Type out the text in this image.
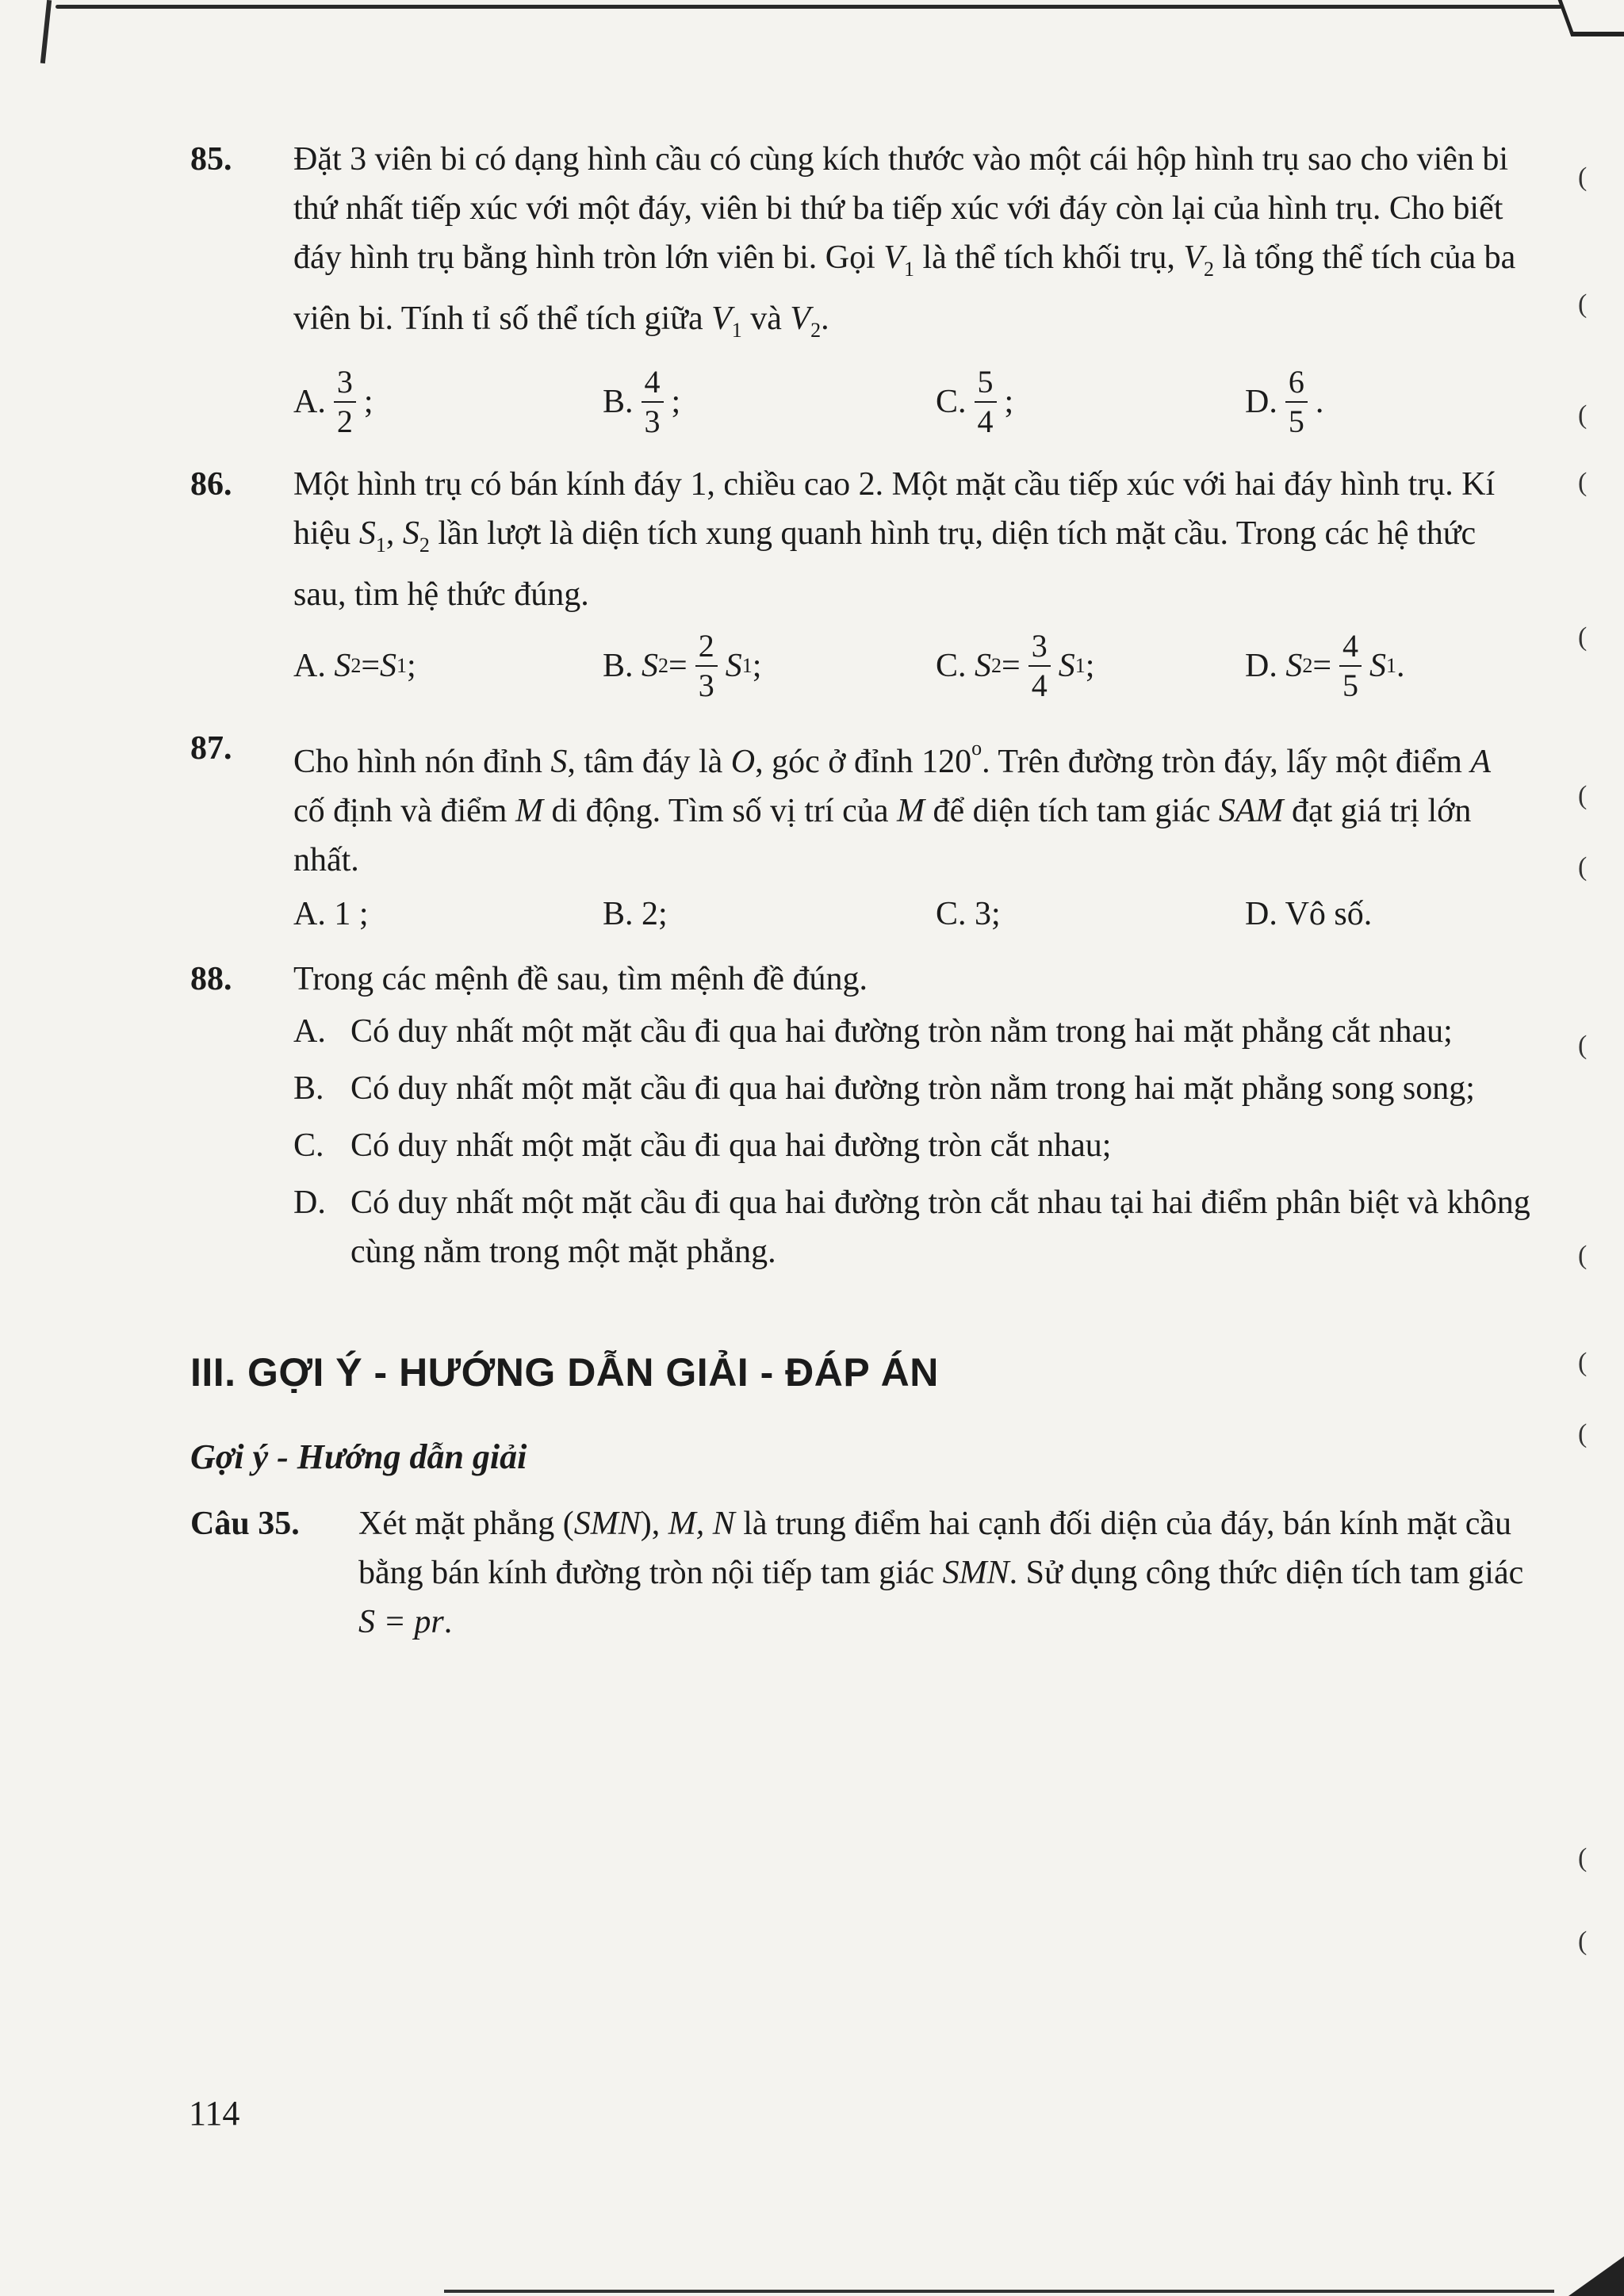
(
(
(
(
(
(
(
(
(
(
(
(
(
85. Đặt 3 viên bi có dạng hình cầu có cùng kích thước vào một cái hộp hình trụ sao cho viên bi thứ nhất tiếp xúc với một đáy, viên bi thứ ba tiếp xúc với đáy còn lại của hình trụ. Cho biết đáy hình trụ bằng hình tròn lớn viên bi. Gọi $V_1$ là thể tích khối trụ, $V_2$ là tổng thể tích của ba viên bi. Tính tỉ số thể tích giữa $V_1$ và $V_2$.
A. $\frac{3}{2}$ ;	B. $\frac{4}{3}$ ;	C. $\frac{5}{4}$ ;	D. $\frac{6}{5}$ .
86. Một hình trụ có bán kính đáy 1, chiều cao 2. Một mặt cầu tiếp xúc với hai đáy hình trụ. Kí hiệu $S_1$, $S_2$ lần lượt là diện tích xung quanh hình trụ, diện tích mặt cầu. Trong các hệ thức sau, tìm hệ thức đúng.
A.
S 2 = S 1 ;	B.
S $2 = \frac{2}{3}$ S 1 ;	C.
S $2 = \frac{3}{4}$ S 1 ;	D.
S $2 = \frac{4}{5}$ S 1 .
87. Cho hình nón đỉnh S, tâm đáy là O, góc ở đỉnh 120$^o$. Trên đường tròn đáy, lấy một điểm A cố định và điểm M di động. Tìm số vị trí của M để diện tích tam giác SAM đạt giá trị lớn nhất.
A. 1 ;	B. 2;	C. 3;	D. Vô số.
88. Trong các mệnh đề sau, tìm mệnh đề đúng.
A. Có duy nhất một mặt cầu đi qua hai đường tròn nằm trong hai mặt phẳng cắt nhau;
B. Có duy nhất một mặt cầu đi qua hai đường tròn nằm trong hai mặt phẳng song song;
C. Có duy nhất một mặt cầu đi qua hai đường tròn cắt nhau;
D. Có duy nhất một mặt cầu đi qua hai đường tròn cắt nhau tại hai điểm phân biệt và không cùng nằm trong một mặt phẳng.
III. GỢI Ý - HƯỚNG DẪN GIẢI - ĐÁP ÁN
Gợi ý - Hướng dẫn giải
Câu 35. Xét mặt phẳng (SMN), M, N là trung điểm hai cạnh đối diện của đáy, bán kính mặt cầu bằng bán kính đường tròn nội tiếp tam giác SMN. Sử dụng công thức diện tích tam giác S = pr.
114
